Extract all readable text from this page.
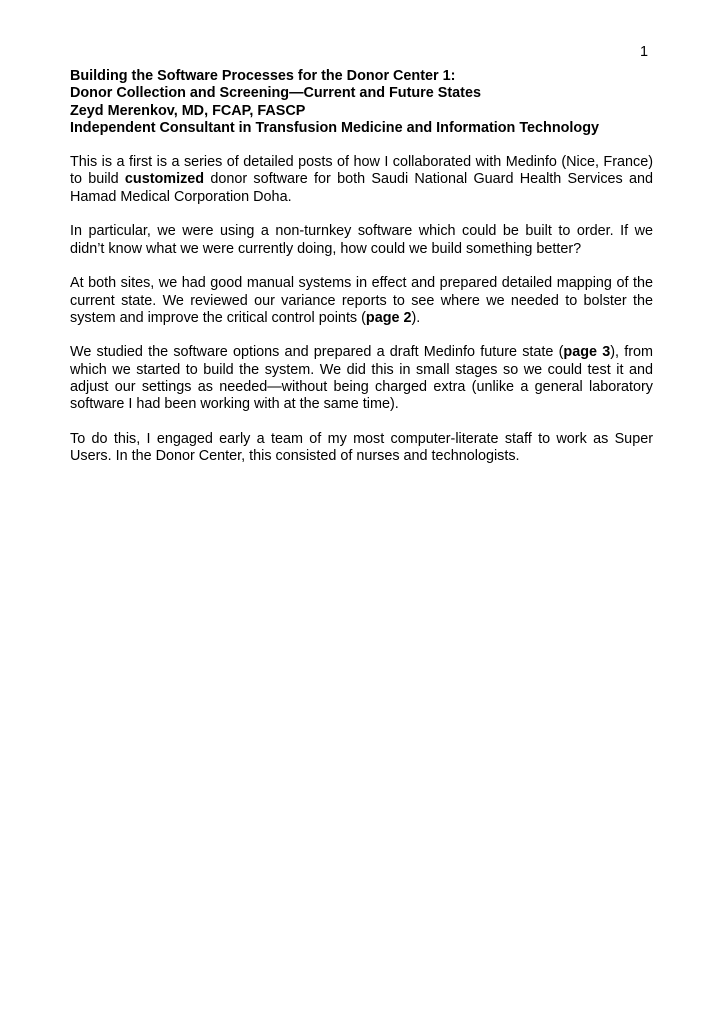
1
Building the Software Processes for the Donor Center 1:
Donor Collection and Screening—Current and Future States
Zeyd Merenkov, MD, FCAP, FASCP
Independent Consultant in Transfusion Medicine and Information Technology

This is a first is a series of detailed posts of how I collaborated with Medinfo (Nice, France) to build customized donor software for both Saudi National Guard Health Services and Hamad Medical Corporation Doha.

In particular, we were using a non-turnkey software which could be built to order. If we didn’t know what we were currently doing, how could we build something better?

At both sites, we had good manual systems in effect and prepared detailed mapping of the current state. We reviewed our variance reports to see where we needed to bolster the system and improve the critical control points (page 2).

We studied the software options and prepared a draft Medinfo future state (page 3), from which we started to build the system. We did this in small stages so we could test it and adjust our settings as needed—without being charged extra (unlike a general laboratory software I had been working with at the same time).

To do this, I engaged early a team of my most computer-literate staff to work as Super Users. In the Donor Center, this consisted of nurses and technologists.
